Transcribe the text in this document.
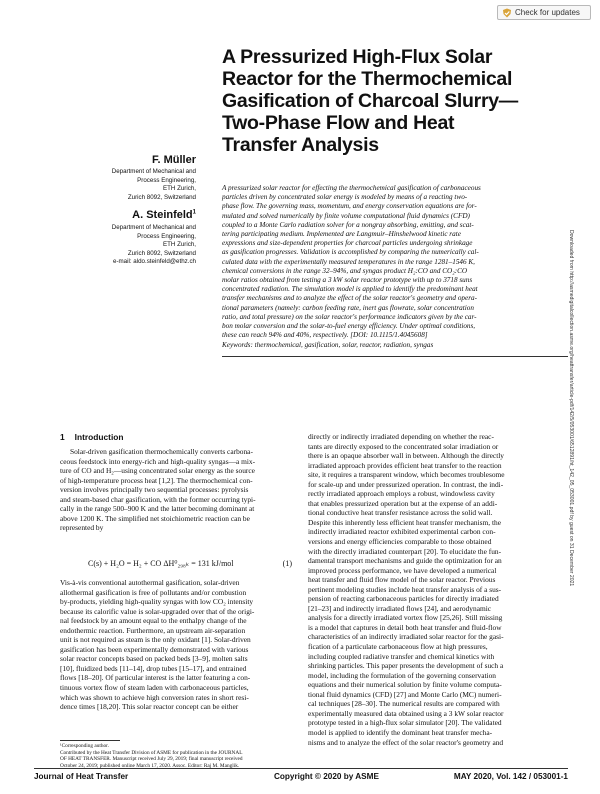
Check for updates
A Pressurized High-Flux Solar
Reactor for the Thermochemical
Gasification of Charcoal Slurry—
Two-Phase Flow and Heat
Transfer Analysis
F. Müller
Department of Mechanical and
Process Engineering,
ETH Zurich,
Zurich 8092, Switzerland
A. Steinfeld$^1$
Department of Mechanical and
Process Engineering,
ETH Zurich,
Zurich 8092, Switzerland
e-mail: aldo.steinfeld@ethz.ch
A pressurized solar reactor for effecting the thermochemical gasification of carbonaceous
particles driven by concentrated solar energy is modeled by means of a reacting two-
phase flow. The governing mass, momentum, and energy conservation equations are for-
mulated and solved numerically by finite volume computational fluid dynamics (CFD)
coupled to a Monte Carlo radiation solver for a nongray absorbing, emitting, and scat-
tering participating medium. Implemented are Langmuir–Hinshelwood kinetic rate
expressions and size-dependent properties for charcoal particles undergoing shrinkage
as gasification progresses. Validation is accomplished by comparing the numerically cal-
culated data with the experimentally measured temperatures in the range 1281–1546 K,
chemical conversions in the range 32–94%, and syngas product H₂:CO and CO₂:CO
molar ratios obtained from testing a 3 kW solar reactor prototype with up to 3718 suns
concentrated radiation. The simulation model is applied to identify the predominant heat
transfer mechanisms and to analyze the effect of the solar reactor's geometry and opera-
tional parameters (namely: carbon feeding rate, inert gas flowrate, solar concentration
ratio, and total pressure) on the solar reactor's performance indicators given by the car-
bon molar conversion and the solar-to-fuel energy efficiency. Under optimal conditions,
these can reach 94% and 40%, respectively. [DOI: 10.1115/1.4045608]
Keywords: thermochemical, gasification, solar, reactor, radiation, syngas	Downloaded from http://asmedigitalcollection.asme.org/heattransfer/article-pdf/142/5/053001/6512891/ht_142_05_053001.pdf by guest on 31 December 2021
1 Introduction
Solar-driven gasification thermochemically converts carbona-
ceous feedstock into energy-rich and high-quality syngas—a mix-
ture of CO and H₂—using concentrated solar energy as the source
of high-temperature process heat [1,2]. The thermochemical con-
version involves principally two sequential processes: pyrolysis
and steam-based char gasification, with the former occurring typi-
cally in the range 500–900 K and the latter becoming dominant at
above 1200 K. The simplified net stoichiometric reaction can be
represented by
C(s) + H₂O = H₂ + CO ΔH⁰₂₉₈ₖ = 131 kJ/mol	(1)
Vis-à-vis conventional autothermal gasification, solar-driven
allothermal gasification is free of pollutants and/or combustion
by-products, yielding high-quality syngas with low CO₂ intensity
because its calorific value is solar-upgraded over that of the origi-
nal feedstock by an amount equal to the enthalpy change of the
endothermic reaction. Furthermore, an upstream air-separation
unit is not required as steam is the only oxidant [1]. Solar-driven
gasification has been experimentally demonstrated with various
solar reactor concepts based on packed beds [3–9], molten salts
[10], fluidized beds [11–14], drop tubes [15–17], and entrained
flows [18–20]. Of particular interest is the latter featuring a con-
tinuous vortex flow of steam laden with carbonaceous particles,
which was shown to achieve high conversion rates in short resi-
dence times [18,20]. This solar reactor concept can be either
¹Corresponding author.
Contributed by the Heat Transfer Division of ASME for publication in the JOURNAL
OF HEAT TRANSFER. Manuscript received July 29, 2019; final manuscript received
October 24, 2019; published online March 17, 2020. Assoc. Editor: Raj M. Manglik.
directly or indirectly irradiated depending on whether the reac-
tants are directly exposed to the concentrated solar irradiation or
there is an opaque absorber wall in between. Although the directly
irradiated approach provides efficient heat transfer to the reaction
site, it requires a transparent window, which becomes troublesome
for scale-up and under pressurized operation. In contrast, the indi-
rectly irradiated approach employs a robust, windowless cavity
that enables pressurized operation but at the expense of an addi-
tional conductive heat transfer resistance across the solid wall.
Despite this inherently less efficient heat transfer mechanism, the
indirectly irradiated reactor exhibited experimental carbon con-
versions and energy efficiencies comparable to those obtained
with the directly irradiated counterpart [20]. To elucidate the fun-
damental transport mechanisms and guide the optimization for an
improved process performance, we have developed a numerical
heat transfer and fluid flow model of the solar reactor. Previous
pertinent modeling studies include heat transfer analysis of a sus-
pension of reacting carbonaceous particles for directly irradiated
[21–23] and indirectly irradiated flows [24], and aerodynamic
analysis for a directly irradiated vortex flow [25,26]. Still missing
is a model that captures in detail both heat transfer and fluid-flow
characteristics of an indirectly irradiated solar reactor for the gasi-
fication of a particulate carbonaceous flow at high pressures,
including coupled radiative transfer and chemical kinetics with
shrinking particles. This paper presents the development of such a
model, including the formulation of the governing conservation
equations and their numerical solution by finite volume computa-
tional fluid dynamics (CFD) [27] and Monte Carlo (MC) numeri-
cal techniques [28–30]. The numerical results are compared with
experimentally measured data obtained using a 3 kW solar reactor
prototype tested in a high-flux solar simulator [20]. The validated
model is applied to identify the dominant heat transfer mecha-
nisms and to analyze the effect of the solar reactor's geometry and
Journal of Heat Transfer	Copyright © 2020 by ASME	MAY 2020, Vol. 142 / 053001-1
